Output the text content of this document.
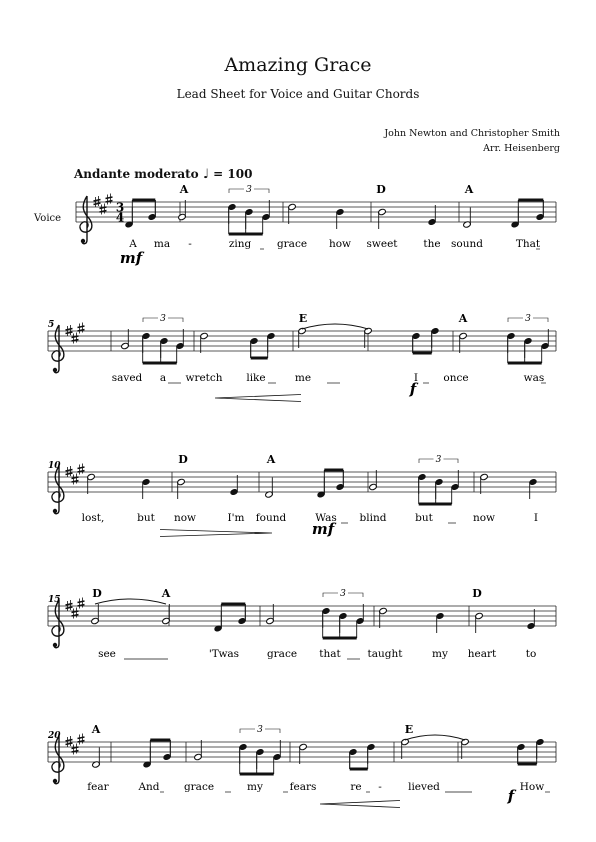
Amazing Grace
Lead Sheet for Voice and Guitar Chords
John Newton and Christopher Smith
Arr. Heisenberg
Andante moderato ♩ = 100
Voice
3
4
3
A	D	A
A ma -	zing grace how sweet the sound	That
mf
5
3	3
E	A
saved a wretch like	me	I once	was
f
10
3
D	A
lost,	but now	I'm found	Was blind	but	now	I
mf
15
3
D	A	D
see	'Twas	grace that	taught	my heart	to
20
3
A	E
fear	And grace	my	fears	re -	lieved	How
f
